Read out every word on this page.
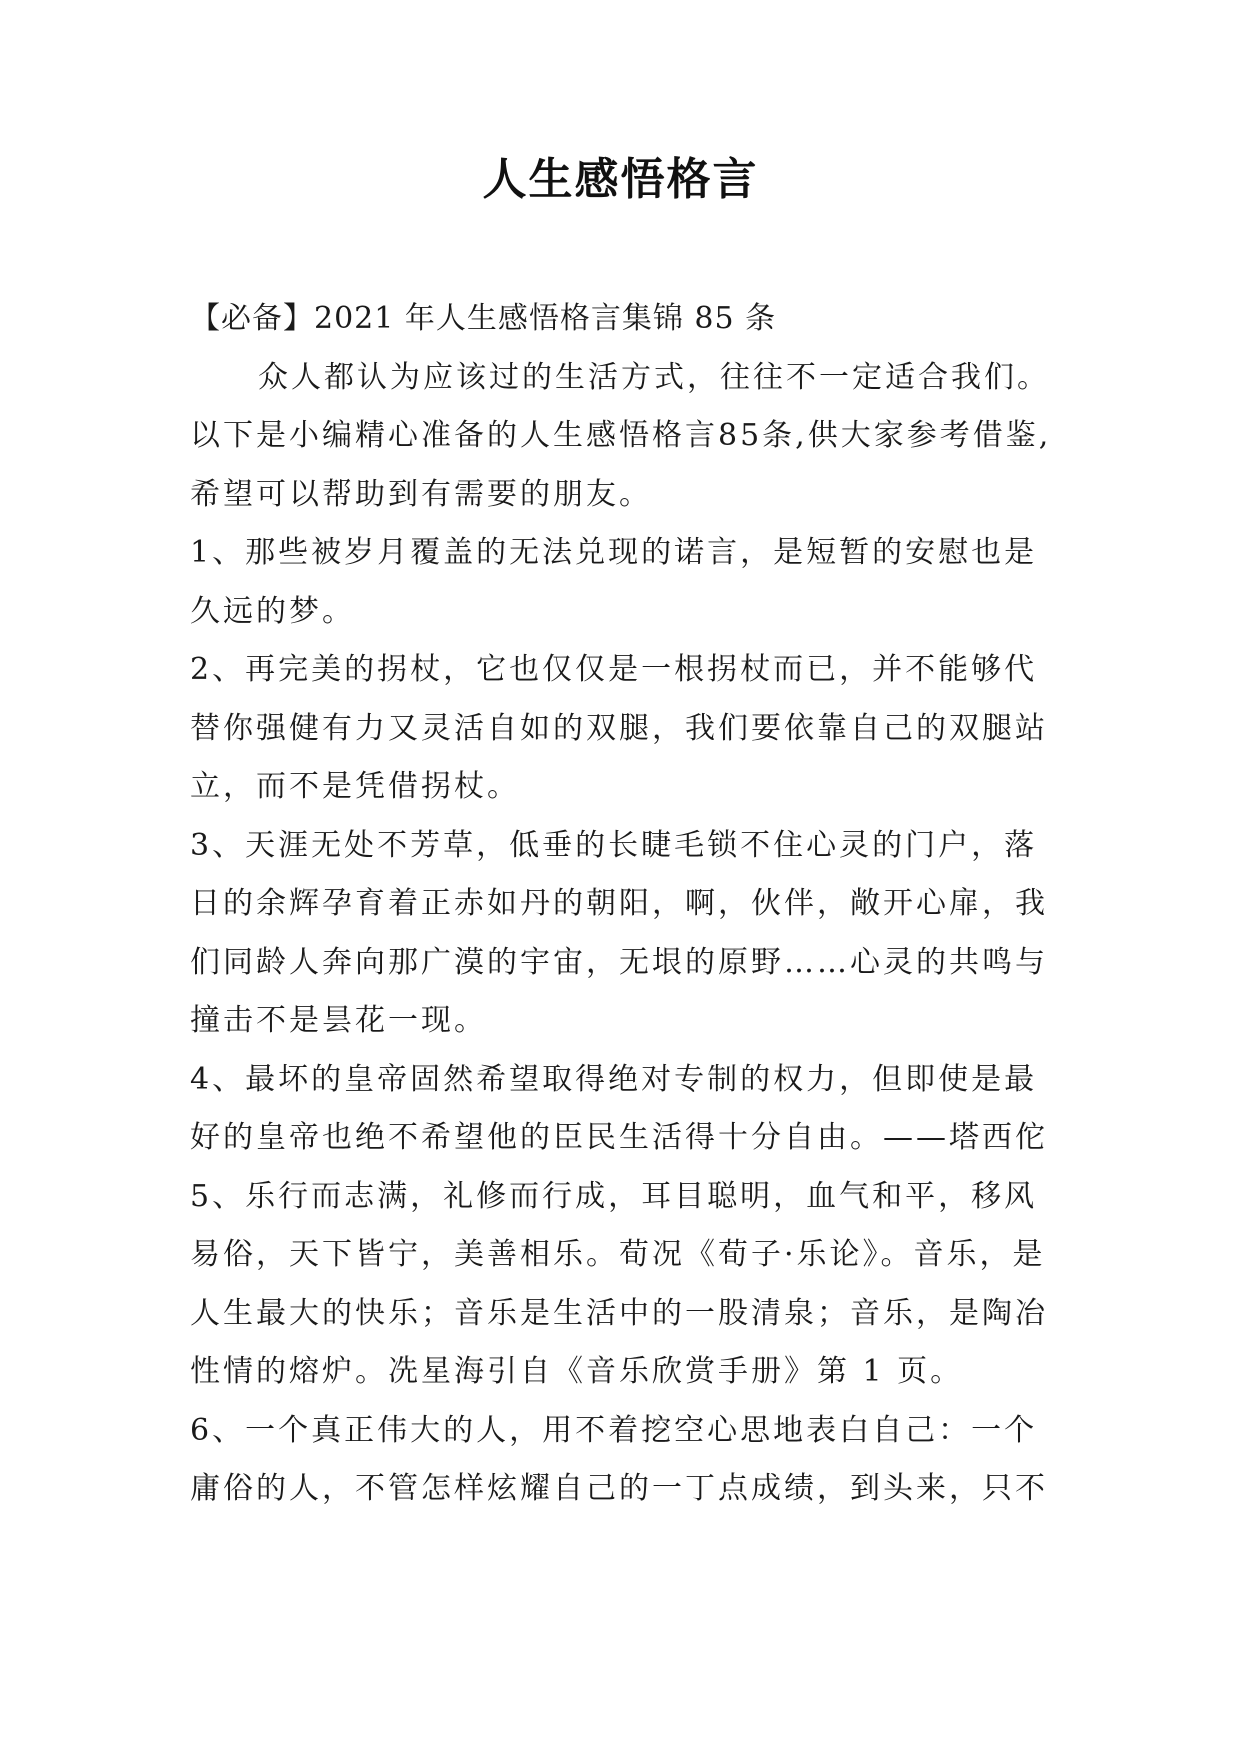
人生感悟格言

【必备】2021 年人生感悟格言集锦 85 条

众人都认为应该过的生活方式，往往不一定适合我们。以下是小编精心准备的人生感悟格言85条,供大家参考借鉴,希望可以帮助到有需要的朋友。

1、那些被岁月覆盖的无法兑现的诺言，是短暂的安慰也是久远的梦。

2、再完美的拐杖，它也仅仅是一根拐杖而已，并不能够代替你强健有力又灵活自如的双腿，我们要依靠自己的双腿站立，而不是凭借拐杖。

3、天涯无处不芳草，低垂的长睫毛锁不住心灵的门户，落日的余辉孕育着正赤如丹的朝阳，啊，伙伴，敞开心扉，我们同龄人奔向那广漠的宇宙，无垠的原野……心灵的共鸣与撞击不是昙花一现。

4、最坏的皇帝固然希望取得绝对专制的权力，但即使是最好的皇帝也绝不希望他的臣民生活得十分自由。——塔西佗

5、乐行而志满，礼修而行成，耳目聪明，血气和平，移风易俗，天下皆宁，美善相乐。荀况《荀子·乐论》。音乐，是人生最大的快乐；音乐是生活中的一股清泉；音乐，是陶冶性情的熔炉。冼星海引自《音乐欣赏手册》第 1 页。

6、一个真正伟大的人，用不着挖空心思地表白自己：一个庸俗的人，不管怎样炫耀自己的一丁点成绩，到头来，只不
